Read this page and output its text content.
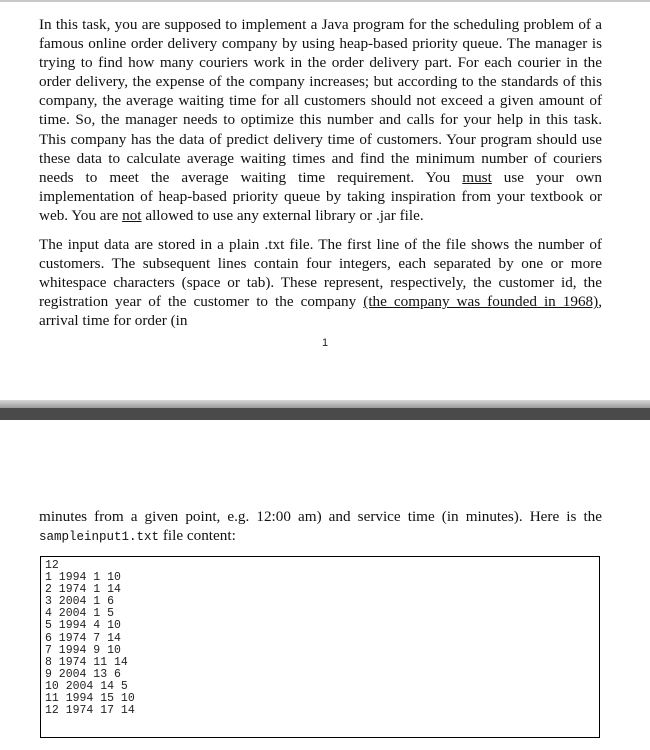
In this task, you are supposed to implement a Java program for the scheduling problem of a famous online order delivery company by using heap-based priority queue. The manager is trying to find how many couriers work in the order delivery part. For each courier in the order delivery, the expense of the company increases; but according to the standards of this company, the average waiting time for all customers should not exceed a given amount of time. So, the manager needs to optimize this number and calls for your help in this task. This company has the data of predict delivery time of customers. Your program should use these data to calculate average waiting times and find the minimum number of couriers needs to meet the average waiting time requirement. You must use your own implementation of heap-based priority queue by taking inspiration from your textbook or web. You are not allowed to use any external library or .jar file.

The input data are stored in a plain .txt file. The first line of the file shows the number of customers. The subsequent lines contain four integers, each separated by one or more whitespace characters (space or tab). These represent, respectively, the customer id, the registration year of the customer to the company (the company was founded in 1968), arrival time for order (in

1

minutes from a given point, e.g. 12:00 am) and service time (in minutes). Here is the sampleinput1.txt file content:

12
1 1994 1 10
2 1974 1 14
3 2004 1 6
4 2004 1 5
5 1994 4 10
6 1974 7 14
7 1994 9 10
8 1974 11 14
9 2004 13 6
10 2004 14 5
11 1994 15 10
12 1974 17 14
